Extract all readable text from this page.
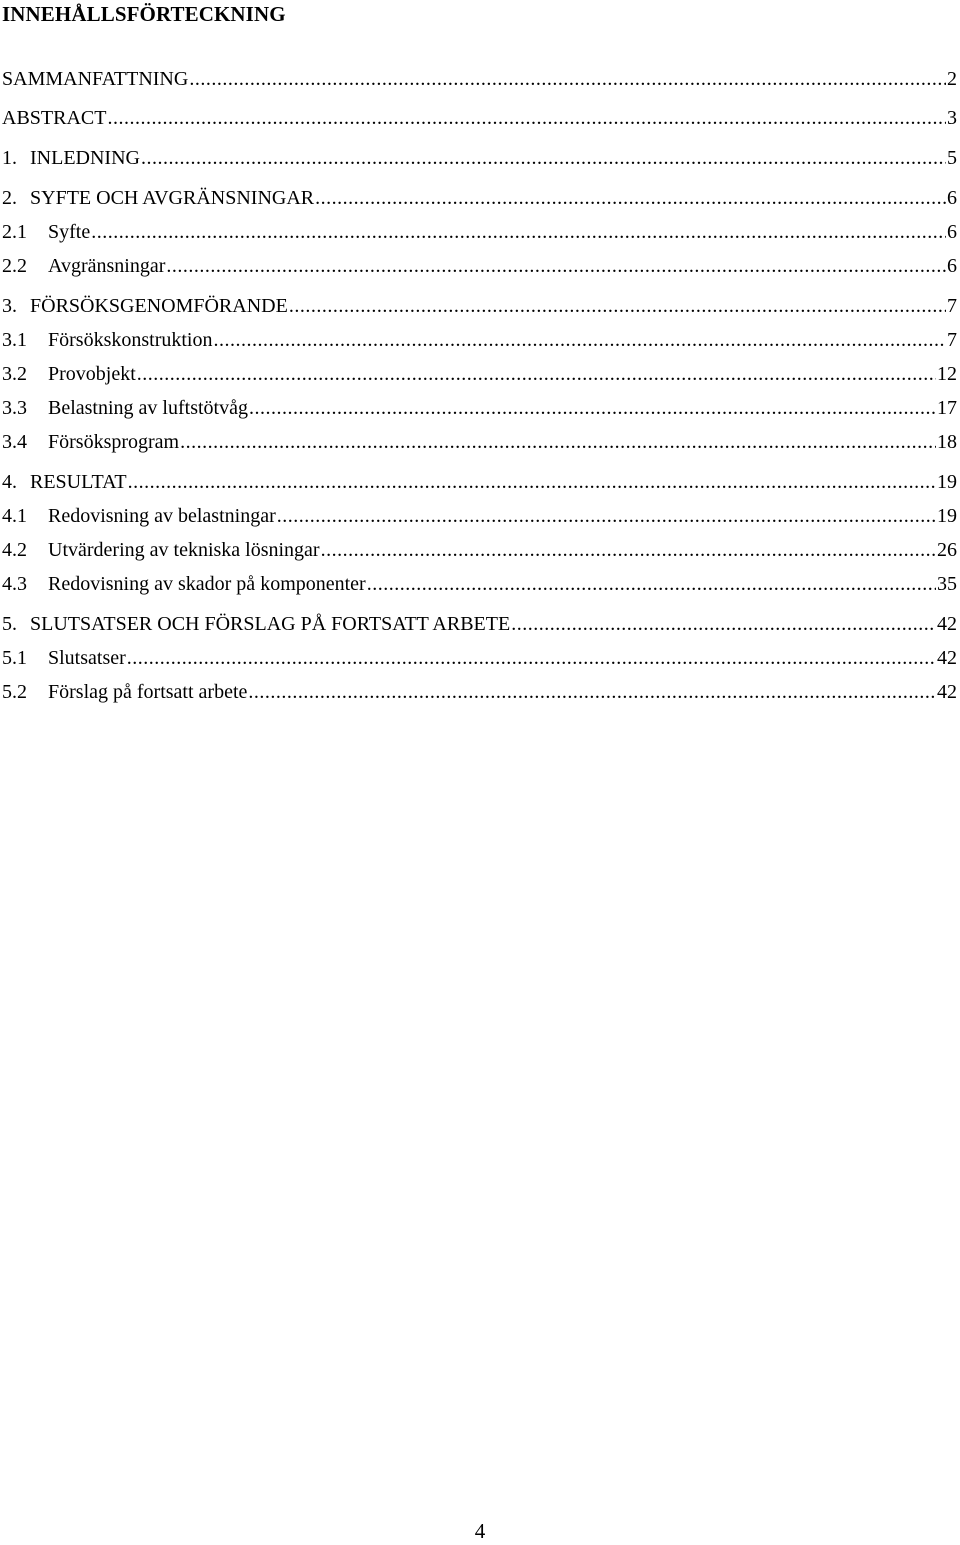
INNEHÅLLSFÖRTECKNING
SAMMANFATTNING .....	2
ABSTRACT .....	3
1. INLEDNING .....	5
2. SYFTE OCH AVGRÄNSNINGAR .....	6
2.1	Syfte .....	6
2.2	Avgränsningar .....	6
3. FÖRSÖKSGENOMFÖRANDE .....	7
3.1	Försökskonstruktion .....	7
3.2	Provobjekt .....	12
3.3	Belastning av luftstötvåg .....	17
3.4	Försöksprogram .....	18
4. RESULTAT .....	19
4.1	Redovisning av belastningar .....	19
4.2	Utvärdering av tekniska lösningar .....	26
4.3	Redovisning av skador på komponenter .....	35
5. SLUTSATSER OCH FÖRSLAG PÅ FORTSATT ARBETE .....	42
5.1	Slutsatser .....	42
5.2	Förslag på fortsatt arbete .....	42
4
